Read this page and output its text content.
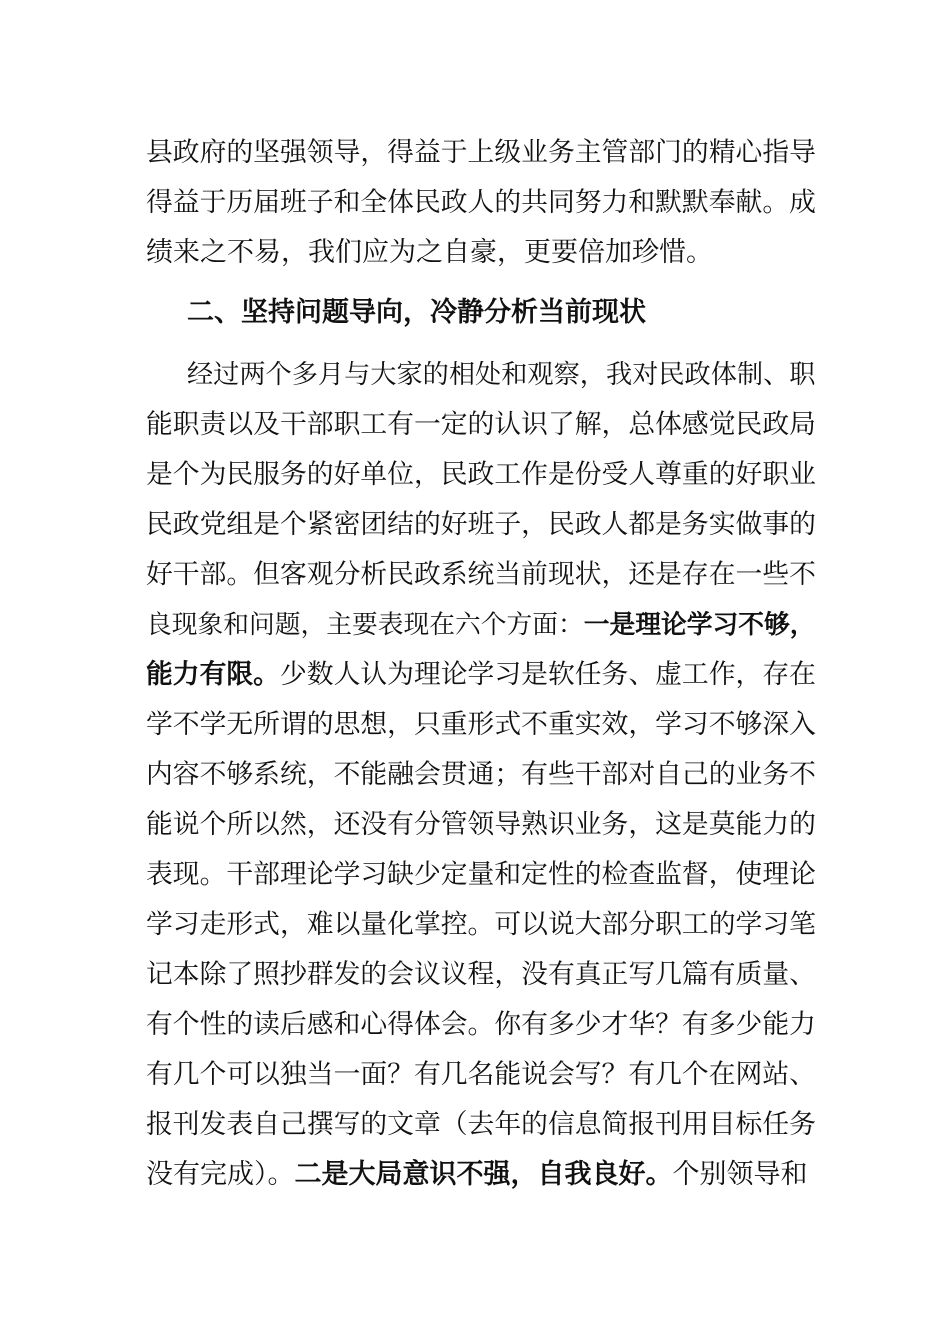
县政府的坚强领导，得益于上级业务主管部门的精心指导
得益于历届班子和全体民政人的共同努力和默默奉献。成
绩来之不易，我们应为之自豪，更要倍加珍惜。
二、坚持问题导向，冷静分析当前现状
经过两个多月与大家的相处和观察，我对民政体制、职
能职责以及干部职工有一定的认识了解，总体感觉民政局
是个为民服务的好单位，民政工作是份受人尊重的好职业
民政党组是个紧密团结的好班子，民政人都是务实做事的
好干部。但客观分析民政系统当前现状，还是存在一些不
良现象和问题，主要表现在六个方面：一是理论学习不够，
能力有限。少数人认为理论学习是软任务、虚工作，存在
学不学无所谓的思想，只重形式不重实效，学习不够深入
内容不够系统，不能融会贯通；有些干部对自己的业务不
能说个所以然，还没有分管领导熟识业务，这是莫能力的
表现。干部理论学习缺少定量和定性的检查监督，使理论
学习走形式，难以量化掌控。可以说大部分职工的学习笔
记本除了照抄群发的会议议程，没有真正写几篇有质量、
有个性的读后感和心得体会。你有多少才华？有多少能力
有几个可以独当一面？有几名能说会写？有几个在网站、
报刊发表自己撰写的文章（去年的信息简报刊用目标任务
没有完成）。二是大局意识不强，自我良好。个别领导和
